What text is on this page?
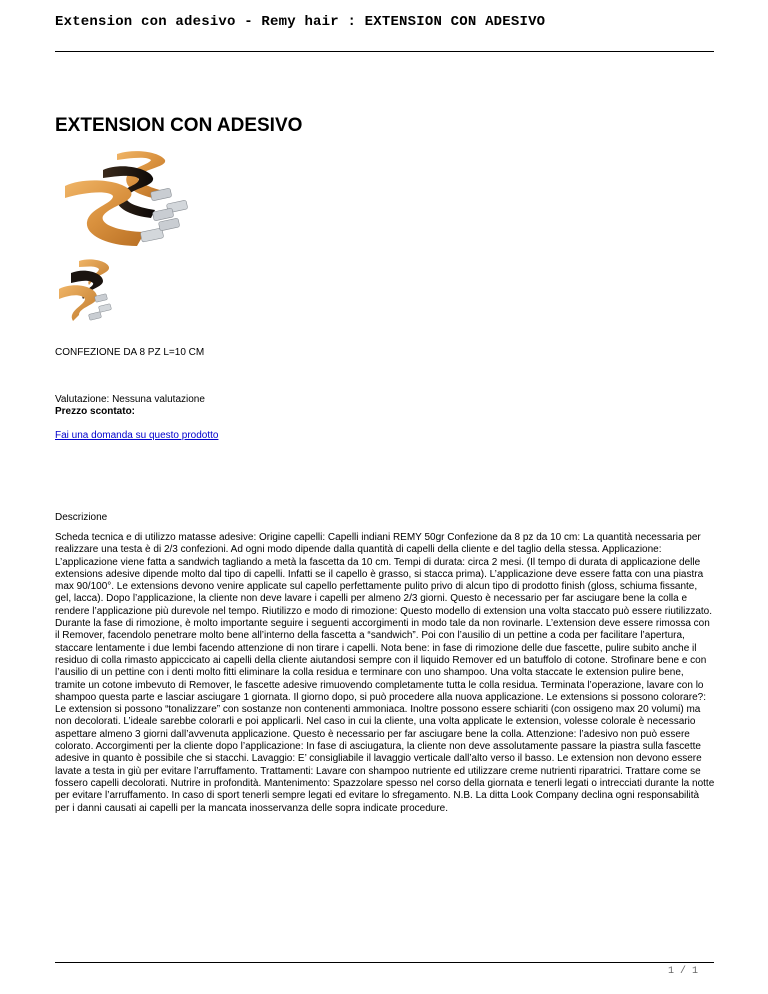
Extension con adesivo - Remy hair : EXTENSION CON ADESIVO
EXTENSION CON ADESIVO
CONFEZIONE DA 8 PZ L=10 CM
Valutazione: Nessuna valutazione
Prezzo scontato:
Fai una domanda su questo prodotto
Descrizione

Scheda tecnica e di utilizzo matasse adesive: Origine capelli: Capelli indiani REMY 50gr Confezione da 8 pz da 10 cm: La quantità necessaria per realizzare una testa è di 2/3 confezioni. Ad ogni modo dipende dalla quantità di capelli della cliente e del taglio della stessa. Applicazione: L’applicazione viene fatta a sandwich tagliando a metà la fascetta da 10 cm. Tempi di durata: circa 2 mesi. (Il tempo di durata di applicazione delle extensions adesive dipende molto dal tipo di capelli. Infatti se il capello è grasso, si stacca prima). L’applicazione deve essere fatta con una piastra max 90/100°. Le extensions devono venire applicate sul capello perfettamente pulito privo di alcun tipo di prodotto finish (gloss, schiuma fissante, gel, lacca). Dopo l’applicazione, la cliente non deve lavare i capelli per almeno 2/3 giorni. Questo è necessario per far asciugare bene la colla e rendere l’applicazione più durevole nel tempo. Riutilizzo e modo di rimozione: Questo modello di extension una volta staccato può essere riutilizzato. Durante la fase di rimozione, è molto importante seguire i seguenti accorgimenti in modo tale da non rovinarle. L’extension deve essere rimossa con il Remover, facendolo penetrare molto bene all’interno della fascetta a “sandwich”. Poi con l’ausilio di un pettine a coda per facilitare l’apertura, staccare lentamente i due lembi facendo attenzione di non tirare i capelli. Nota bene: in fase di rimozione delle due fascette, pulire subito anche il residuo di colla rimasto appiccicato ai capelli della cliente aiutandosi sempre con il liquido Remover ed un batuffolo di cotone. Strofinare bene e con l’ausilio di un pettine con i denti molto fitti eliminare la colla residua e terminare con uno shampoo. Una volta staccate le extension pulire bene, tramite un cotone imbevuto di Remover, le fascette adesive rimuovendo completamente tutta le colla residua. Terminata l’operazione, lavare con lo shampoo questa parte e lasciar asciugare 1 giornata. Il giorno dopo, si può procedere alla nuova applicazione. Le extensions si possono colorare?: Le extension si possono “tonalizzare” con sostanze non contenenti ammoniaca. Inoltre possono essere schiariti (con ossigeno max 20 volumi) ma non decolorati. L’ideale sarebbe colorarli e poi applicarli. Nel caso in cui la cliente, una volta applicate le extension, volesse colorale è necessario aspettare almeno 3 giorni dall’avvenuta applicazione. Questo è necessario per far asciugare bene la colla. Attenzione: l’adesivo non può essere colorato. Accorgimenti per la cliente dopo l’applicazione: In fase di asciugatura, la cliente non deve assolutamente passare la piastra sulla fascette adesive in quanto è possibile che si stacchi. Lavaggio: E’ consigliabile il lavaggio verticale dall’alto verso il basso. Le extension non devono essere lavate a testa in giù per evitare l’arruffamento. Trattamenti: Lavare con shampoo nutriente ed utilizzare creme nutrienti riparatrici. Trattare come se fossero capelli decolorati. Nutrire in profondità. Mantenimento: Spazzolare spesso nel corso della giornata e tenerli legati o intrecciati durante la notte per evitare l’arruffamento. In caso di sport tenerli sempre legati ed evitare lo sfregamento. N.B. La ditta Look Company declina ogni responsabilità per i danni causati ai capelli per la mancata inosservanza delle sopra indicate procedure.

1 / 1
